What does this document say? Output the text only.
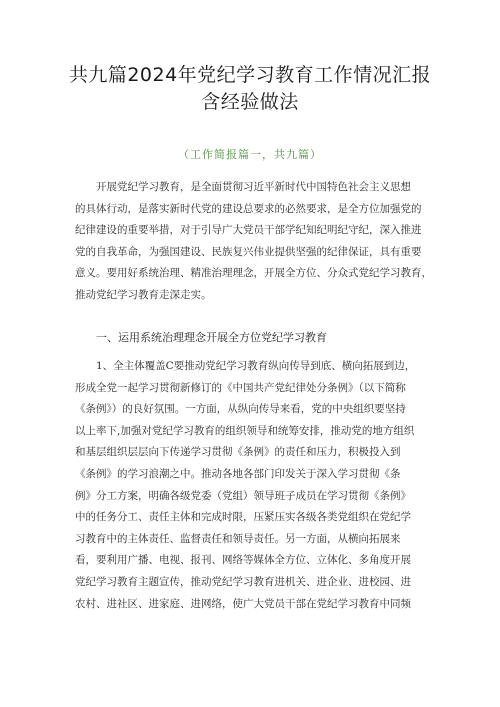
共九篇2024年党纪学习教育工作情况汇报
含经验做法
（工作简报篇一，共九篇）
开展党纪学习教育，是全面贯彻习近平新时代中国特色社会主义思想
的具体行动，是落实新时代党的建设总要求的必然要求，是全方位加强党的
纪律建设的重要举措，对于引导广大党员干部学纪知纪明纪守纪，深入推进
党的自我革命，为强国建设、民族复兴伟业提供坚强的纪律保证，具有重要
意义。要用好系统治理、精准治理理念，开展全方位、分众式党纪学习教育，
推动党纪学习教育走深走实。
一、运用系统治理理念开展全方位党纪学习教育
1、全主体覆盖C要推动党纪学习教育纵向传导到底、横向拓展到边，
形成全党一起学习贯彻新修订的《中国共产党纪律处分条例》（以下简称
《条例》）的良好氛围。一方面，从纵向传导来看，党的中央组织要坚持
以上率下,加强对党纪学习教育的组织领导和统筹安排，推动党的地方组织
和基层组织层层向下传递学习贯彻《条例》的责任和压力，积极投入到
《条例》的学习浪潮之中。推动各地各部门印发关于深入学习贯彻《条
例》分工方案，明确各级党委（党组）领导班子成员在学习贯彻《条例》
中的任务分工、责任主体和完成时限，压紧压实各级各类党组织在党纪学
习教育中的主体责任、监督责任和领导责任。另一方面，从横向拓展来
看，要利用广播、电视、报刊、网络等媒体全方位、立体化、多角度开展
党纪学习教育主题宣传，推动党纪学习教育进机关、进企业、进校园、进
农村、进社区、进家庭、进网络，使广大党员干部在党纪学习教育中同频
